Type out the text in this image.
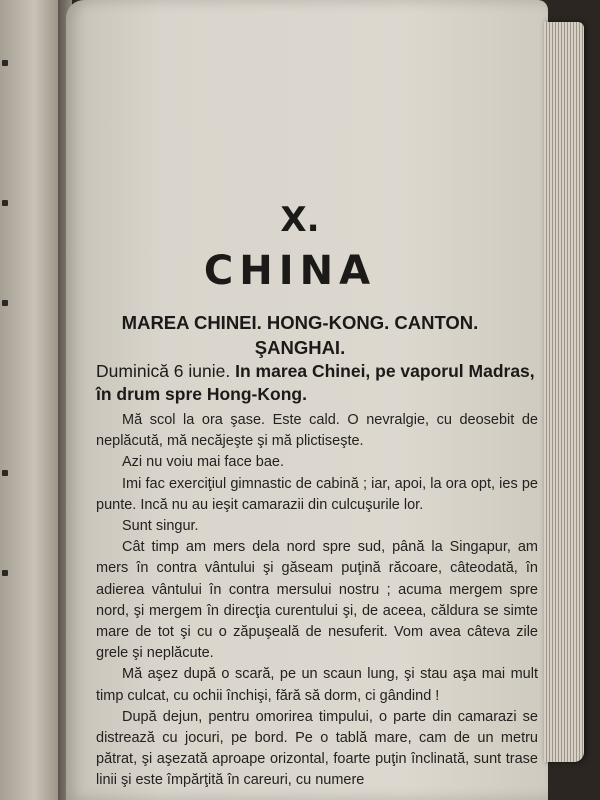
X.
CHINA
MAREA CHINEI. HONG-KONG. CANTON.
ŞANGHAI.
Duminică 6 iunie. In marea Chinei, pe vaporul Madras, în drum spre Hong-Kong.

Mă scol la ora şase. Este cald. O nevralgie, cu deosebit de neplăcută, mă necăjeşte şi mă plictiseşte.

Azi nu voiu mai face bae.

Imi fac exerciţiul gimnastic de cabină ; iar, apoi, la ora opt, ies pe punte. Incă nu au ieşit camarazii din culcuşurile lor.

Sunt singur.

Cât timp am mers dela nord spre sud, până la Singapur, am mers în contra vântului şi găseam puţină răcoare, câteodată, în adierea vântului în contra mersului nostru ; acuma mergem spre nord, şi mergem în direcţia curentului şi, de aceea, căldura se simte mare de tot şi cu o zăpuşeală de nesuferit. Vom avea câteva zile grele şi neplăcute.

Mă aşez după o scară, pe un scaun lung, şi stau aşa mai mult timp culcat, cu ochii închişi, fără să dorm, ci gândind !

După dejun, pentru omorirea timpului, o parte din camarazi se distrează cu jocuri, pe bord. Pe o tablă mare, cam de un metru pătrat, şi aşezată aproape orizontal, foarte puţin înclinată, sunt trase linii şi este împărţită în careuri, cu numere
